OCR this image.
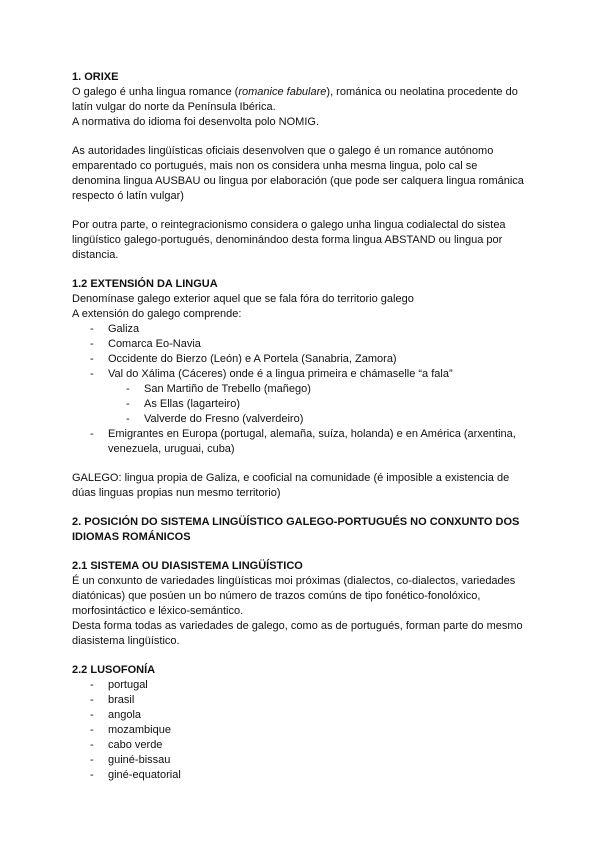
1. ORIXE

O galego é unha lingua romance (romanice fabulare), románica ou neolatina procedente do latín vulgar do norte da Península Ibérica.

A normativa do idioma foi desenvolta polo NOMIG.

As autoridades lingüísticas oficiais desenvolven que o galego é un romance autónomo emparentado co portugués, mais non os considera unha mesma lingua, polo cal se denomina lingua AUSBAU ou lingua por elaboración (que pode ser calquera lingua románica respecto ó latín vulgar)

Por outra parte, o reintegracionismo considera o galego unha lingua codialectal do sistea lingüístico galego-portugués, denominándoo desta forma lingua ABSTAND ou lingua por distancia.

1.2 EXTENSIÓN DA LINGUA

Denomínase galego exterior aquel que se fala fóra do territorio galego

A extensión do galego comprende:

- Galiza
- Comarca Eo-Navia
- Occidente do Bierzo (León) e A Portela (Sanabria, Zamora)
- Val do Xálima (Cáceres) onde é a lingua primeira e chámaselle “a fala”
- San Martiño de Trebello (mañego)
- As Ellas (lagarteiro)
- Valverde do Fresno (valverdeiro)
- Emigrantes en Europa (portugal, alemaña, suíza, holanda) e en América (arxentina, venezuela, uruguai, cuba)

GALEGO: lingua propia de Galiza, e cooficial na comunidade (é imposible a existencia de dúas linguas propias nun mesmo territorio)

2. POSICIÓN DO SISTEMA LINGÜÍSTICO GALEGO-PORTUGUÉS NO CONXUNTO DOS IDIOMAS ROMÁNICOS
2.1 SISTEMA OU DIASISTEMA LINGÜÍSTICO

É un conxunto de variedades lingüísticas moi próximas (dialectos, co-dialectos, variedades diatónicas) que posúen un bo número de trazos comúns de tipo fonético-fonolóxico, morfosintáctico e léxico-semántico.

Desta forma todas as variedades de galego, como as de portugués, forman parte do mesmo diasistema lingüístico.

2.2 LUSOFONÍA
- portugal
- brasil
- angola
- mozambique
- cabo verde
- guiné-bissau
- giné-equatorial
